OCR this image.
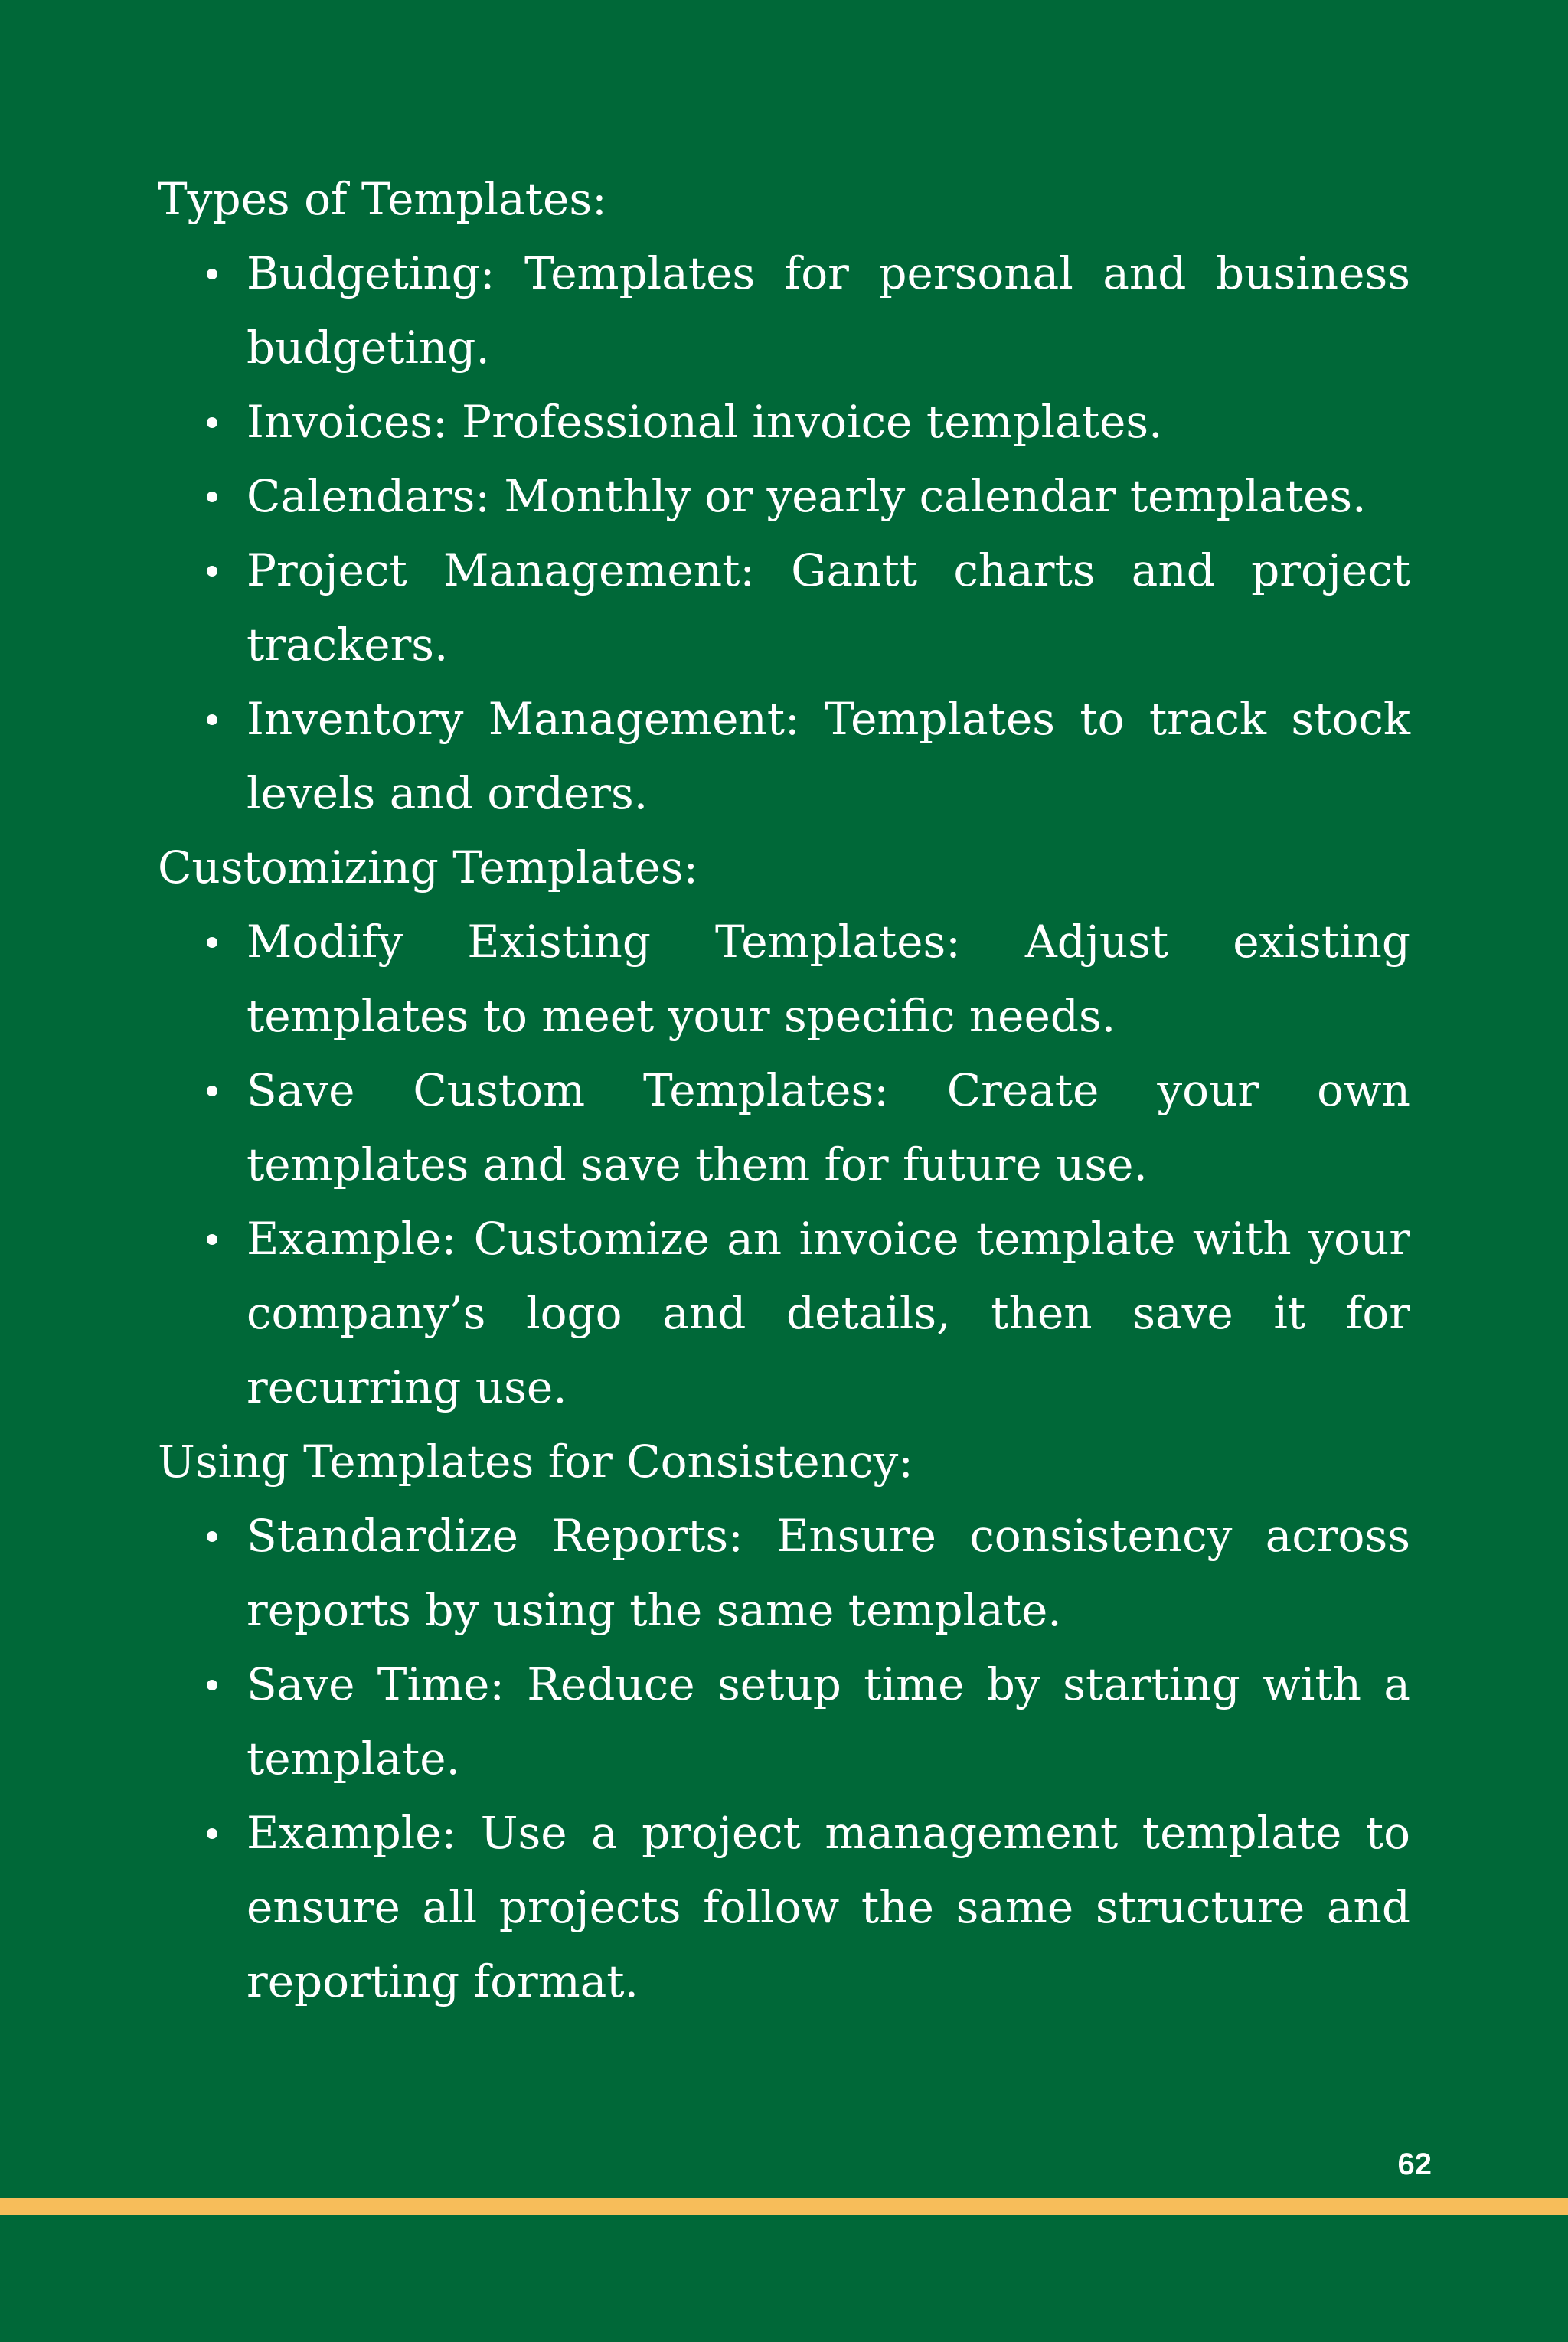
Types of Templates:

Budgeting: Templates for personal and business budgeting.
Invoices: Professional invoice templates.
Calendars: Monthly or yearly calendar templates.
Project Management: Gantt charts and project trackers.
Inventory Management: Templates to track stock levels and orders.

Customizing Templates:

Modify Existing Templates: Adjust existing templates to meet your specific needs.
Save Custom Templates: Create your own templates and save them for future use.
Example: Customize an invoice template with your company’s logo and details, then save it for recurring use.

Using Templates for Consistency:

Standardize Reports: Ensure consistency across reports by using the same template.
Save Time: Reduce setup time by starting with a template.
Example: Use a project management template to ensure all projects follow the same structure and reporting format.
62
